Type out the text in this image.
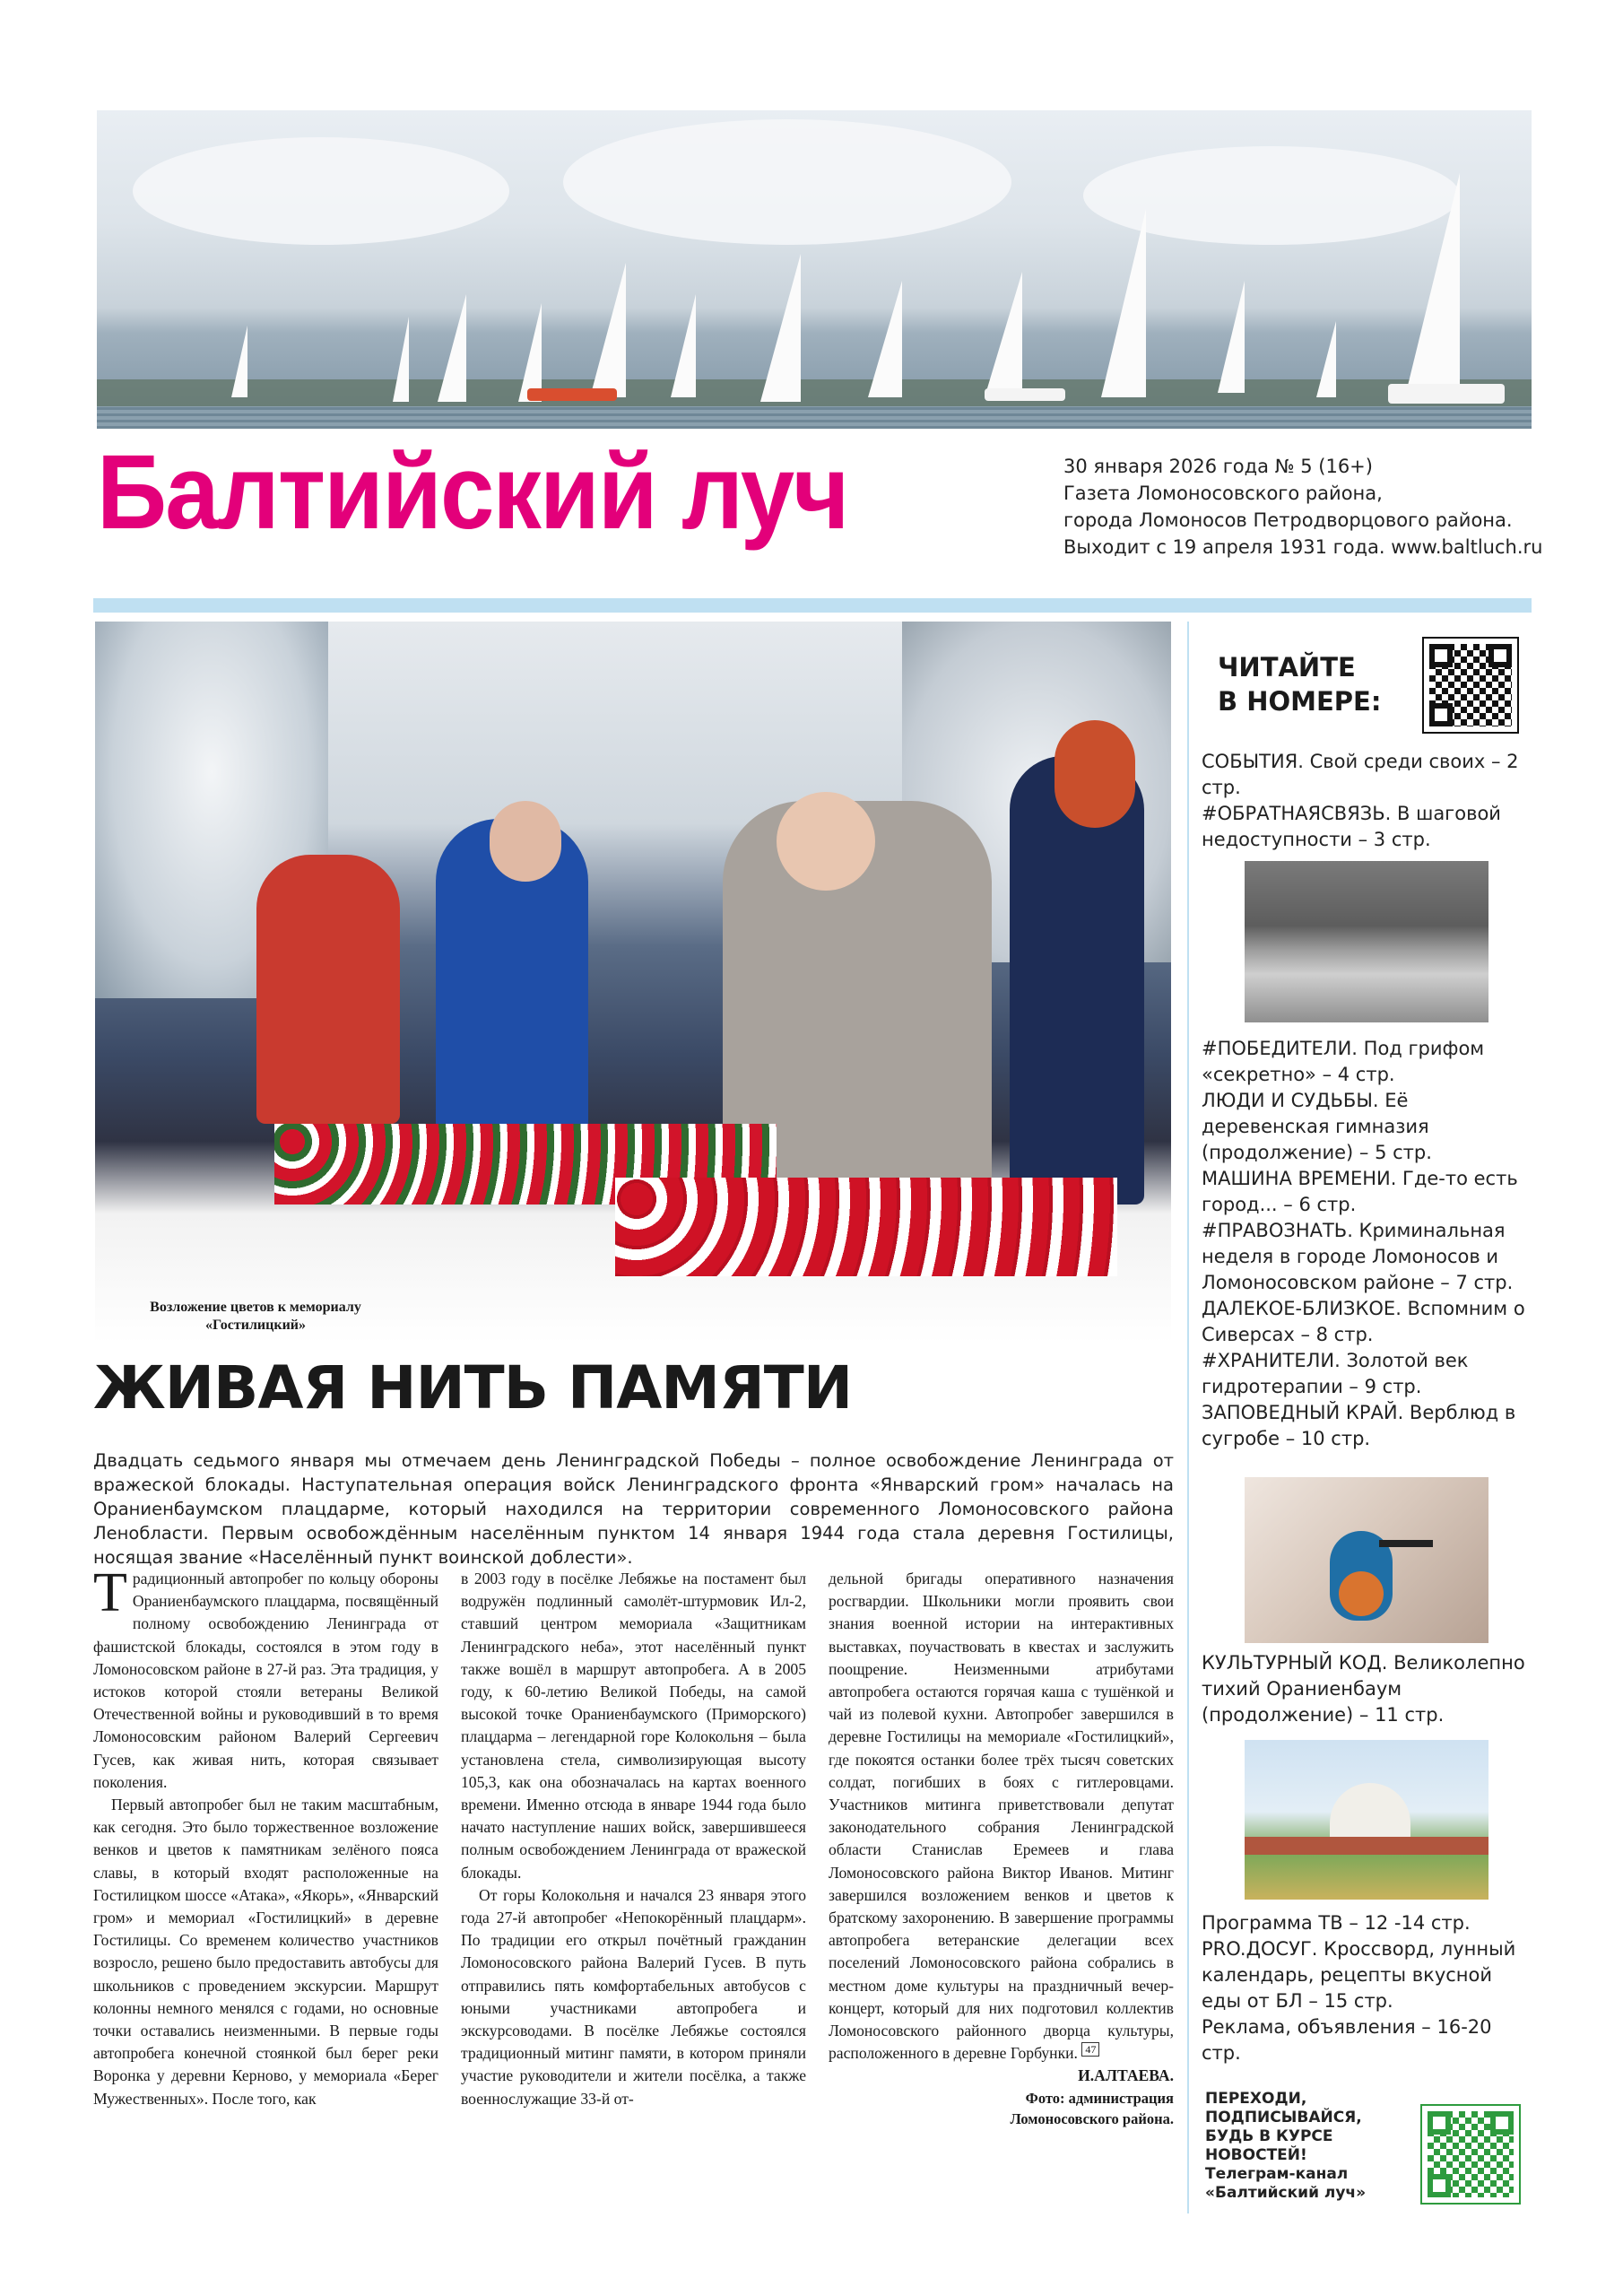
Балтийский луч	30 января 2026 года № 5 (16+)
Газета Ломоносовского района,
города Ломоносов Петродворцового района.
Выходит с 19 апреля 1931 года. www.baltluch.ru
Возложение цветов к мемориалу
«Гостилицкий»
ЖИВАЯ НИТЬ ПАМЯТИ
Двадцать седьмого января мы отмечаем день Ленинградской Победы – полное освобождение Ленинграда от вражеской блокады. Наступательная операция войск Ленинградского фронта «Январский гром» началась на Ораниенбаумском плацдарме, который находился на территории современного Ломоносовского района Ленобласти. Первым освобождённым населённым пунктом 14 января 1944 года стала деревня Гостилицы, носящая звание «Населённый пункт воинской доблести».

Традиционный автопробег по кольцу обороны Ораниенбаумского плацдарма, посвящённый полному освобождению Ленинграда от фашистской блокады, состоялся в этом году в Ломоносовском районе в 27-й раз. Эта традиция, у истоков которой стояли ветераны Великой Отечественной войны и руководивший в то время Ломоносовским районом Валерий Сергеевич Гусев, как живая нить, которая связывает поколения.

Первый автопробег был не таким масштабным, как сегодня. Это было торжественное возложение венков и цветов к памятникам зелёного пояса славы, в который входят расположенные на Гостилицком шоссе «Атака», «Якорь», «Январский гром» и мемориал «Гостилицкий» в деревне Гостилицы. Со временем количество участников возросло, решено было предоставить автобусы для школьников с проведением экскурсии. Маршрут колонны немного менялся с годами, но основные точки оставались неизменными. В первые годы автопробега конечной стоянкой был берег реки Воронка у деревни Керново, у мемориала «Берег Мужественных». После того, как

в 2003 году в посёлке Лебяжье на постамент был водружён подлинный самолёт-штурмовик Ил-2, ставший центром мемориала «Защитникам Ленинградского неба», этот населённый пункт также вошёл в маршрут автопробега. А в 2005 году, к 60-летию Великой Победы, на самой высокой точке Ораниенбаумского (Приморского) плацдарма – легендарной горе Колокольня – была установлена стела, символизирующая высоту 105,3, как она обозначалась на картах военного времени. Именно отсюда в январе 1944 года было начато наступление наших войск, завершившееся полным освобождением Ленинграда от вражеской блокады.

От горы Колокольня и начался 23 января этого года 27-й автопробег «Непокорённый плацдарм». По традиции его открыл почётный гражданин Ломоносовского района Валерий Гусев. В путь отправились пять комфортабельных автобусов с юными участниками автопробега и экскурсоводами. В посёлке Лебяжье состоялся традиционный митинг памяти, в котором приняли участие руководители и жители посёлка, а также военнослужащие 33-й от-

дельной бригады оперативного назначения росгвардии. Школьники могли проявить свои знания военной истории на интерактивных выставках, поучаствовать в квестах и заслужить поощрение. Неизменными атрибутами автопробега остаются горячая каша с тушёнкой и чай из полевой кухни. Автопробег завершился в деревне Гостилицы на мемориале «Гостилицкий», где покоятся останки более трёх тысяч советских солдат, погибших в боях с гитлеровцами. Участников митинга приветствовали депутат законодательного собрания Ленинградской области Станислав Еремеев и глава Ломоносовского района Виктор Иванов. Митинг завершился возложением венков и цветов к братскому захоронению. В завершение программы автопробега ветеранские делегации всех поселений Ломоносовского района собрались в местном доме культуры на праздничный вечер-концерт, который для них подготовил коллектив Ломоносовского районного дворца культуры, расположенного в деревне Горбунки. 47

И.АЛТАЕВА.

Фото: администрация
Ломоносовского района.

ЧИТАЙТЕ
В НОМЕРЕ:
СОБЫТИЯ. Свой среди своих – 2 стр.
#ОБРАТНАЯСВЯЗЬ. В шаговой недоступности – 3 стр.
#ПОБЕДИТЕЛИ. Под грифом «секретно» – 4 стр.
ЛЮДИ И СУДЬБЫ. Её деревенская гимназия (продолжение) – 5 стр.
МАШИНА ВРЕМЕНИ. Где-то есть город... – 6 стр.
#ПРАВОЗНАТЬ. Криминальная неделя в городе Ломоносов и Ломоносовском районе – 7 стр.
ДАЛЕКОЕ-БЛИЗКОЕ. Вспомним о Сиверсах – 8 стр.
#ХРАНИТЕЛИ. Золотой век гидротерапии – 9 стр.
ЗАПОВЕДНЫЙ КРАЙ. Верблюд в сугробе – 10 стр.
КУЛЬТУРНЫЙ КОД. Великолепно тихий Ораниенбаум (продолжение) – 11 стр.
Программа ТВ – 12 -14 стр.
PRO.ДОСУГ. Кроссворд, лунный календарь, рецепты вкусной еды от БЛ – 15 стр.
Реклама, объявления – 16-20 стр.
ПЕРЕХОДИ,
ПОДПИСЫВАЙСЯ,
БУДЬ В КУРСЕ
НОВОСТЕЙ!
Телеграм-канал
«Балтийский луч»
